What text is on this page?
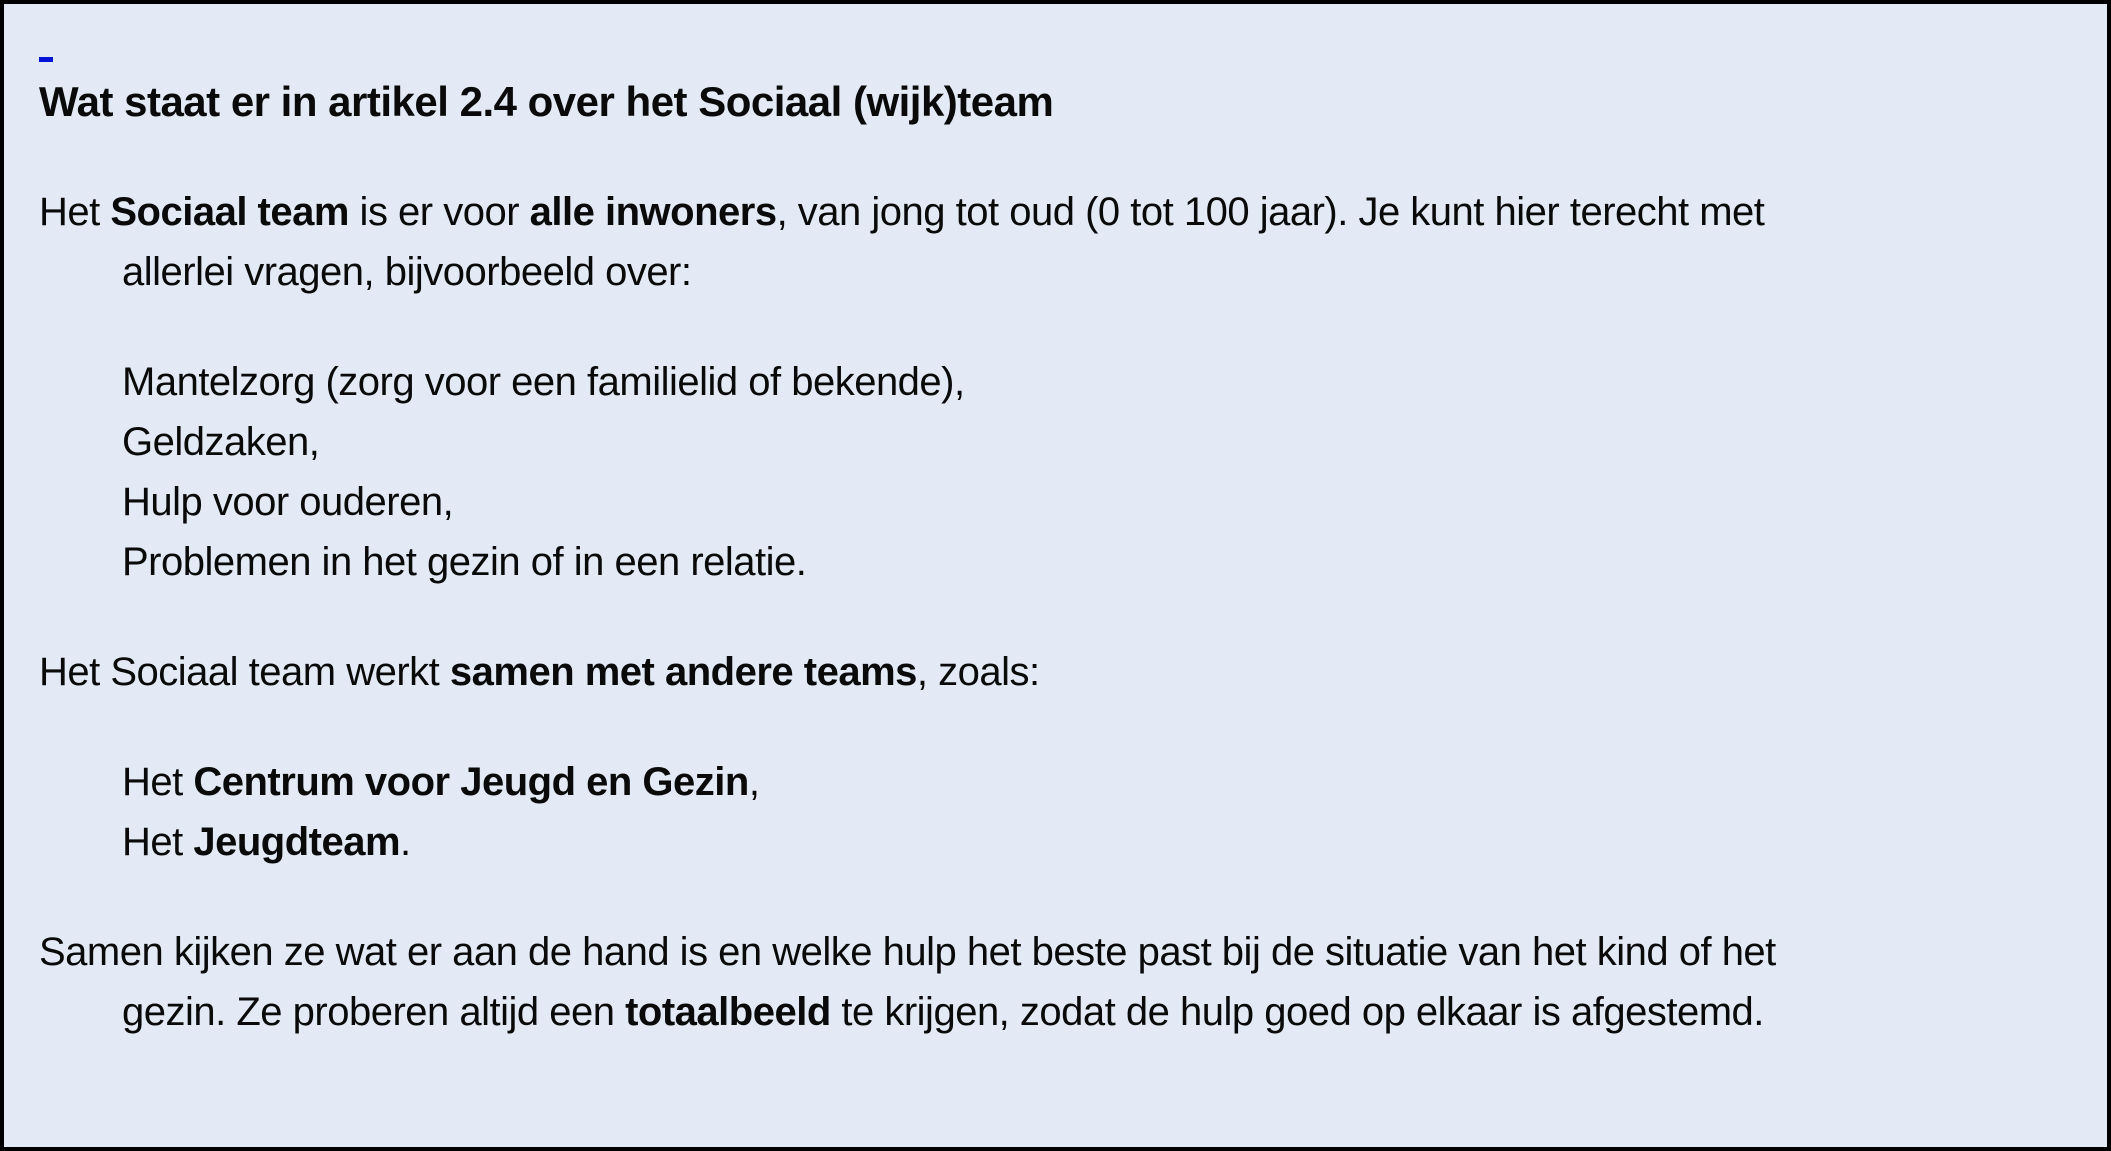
Wat staat er in artikel 2.4 over het Sociaal (wijk)team
Het Sociaal team is er voor alle inwoners, van jong tot oud (0 tot 100 jaar). Je kunt hier terecht met
allerlei vragen, bijvoorbeeld over:
Mantelzorg (zorg voor een familielid of bekende),
Geldzaken,
Hulp voor ouderen,
Problemen in het gezin of in een relatie.
Het Sociaal team werkt samen met andere teams, zoals:
Het Centrum voor Jeugd en Gezin,
Het Jeugdteam.
Samen kijken ze wat er aan de hand is en welke hulp het beste past bij de situatie van het kind of het
gezin. Ze proberen altijd een totaalbeeld te krijgen, zodat de hulp goed op elkaar is afgestemd.
